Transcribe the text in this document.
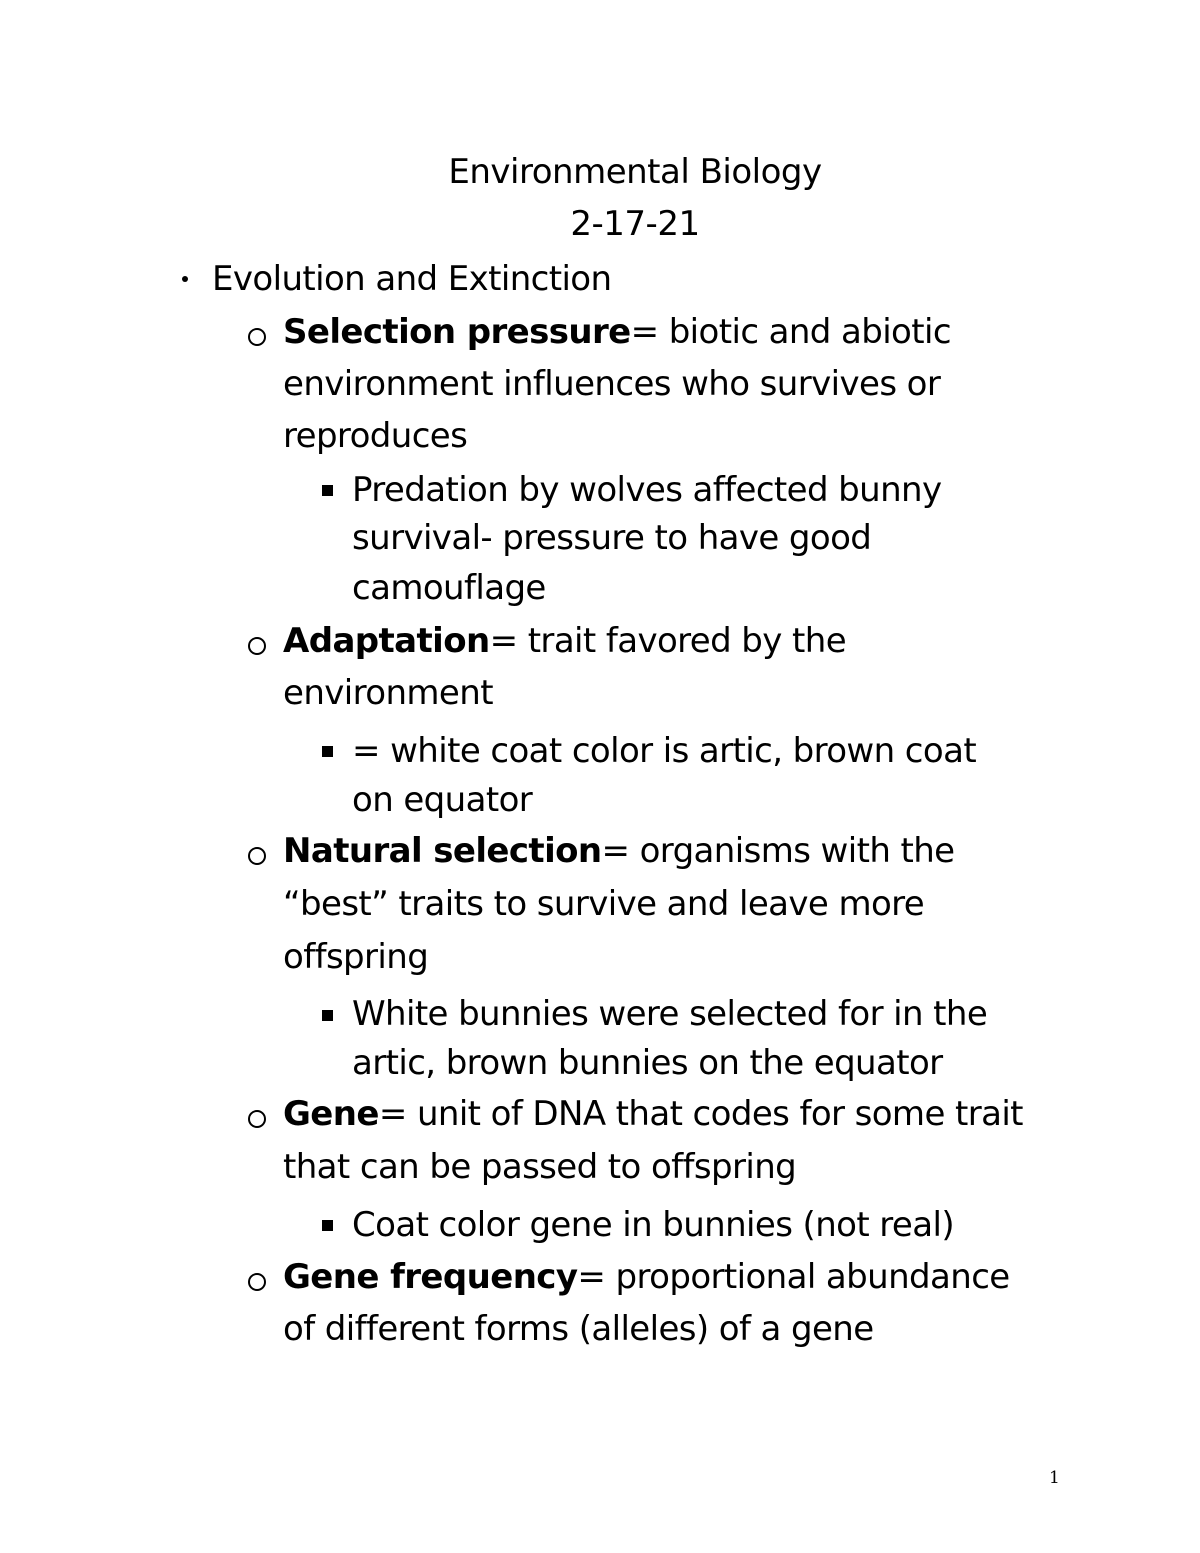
Environmental Biology
2-17-21
Evolution and Extinction
Selection pressure= biotic and abiotic
environment influences who survives or
reproduces
Predation by wolves affected bunny
survival- pressure to have good
camouflage
Adaptation= trait favored by the
environment
= white coat color is artic, brown coat
on equator
Natural selection= organisms with the
“best” traits to survive and leave more
offspring
White bunnies were selected for in the
artic, brown bunnies on the equator
Gene= unit of DNA that codes for some trait
that can be passed to offspring
Coat color gene in bunnies (not real)
Gene frequency= proportional abundance
of different forms (alleles) of a gene
1
